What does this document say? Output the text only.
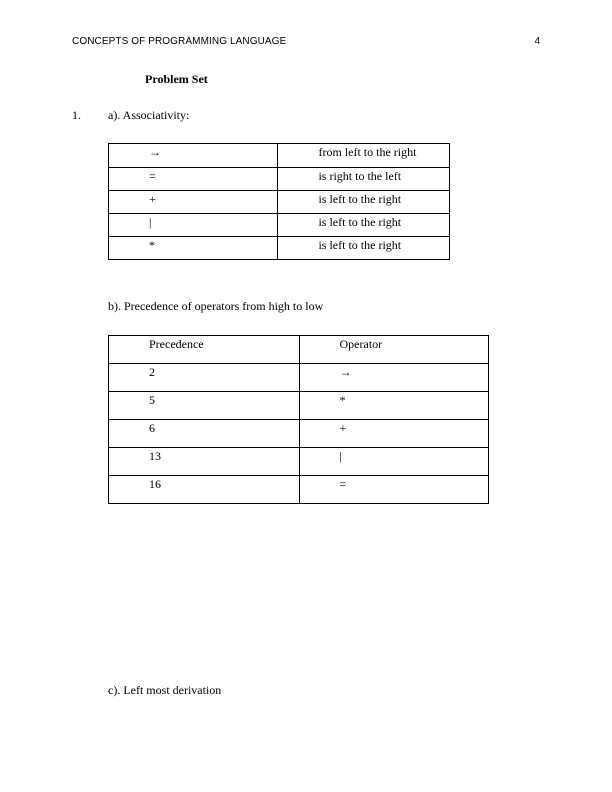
CONCEPTS OF PROGRAMMING LANGUAGE	4
Problem Set
1. a). Associativity:
→	from left to the right
=	is right to the left
+	is left to the right
|	is left to the right
*	is left to the right
b). Precedence of operators from high to low
Precedence	Operator
2	→
5	*
6	+
13	|
16	=
c). Left most derivation
